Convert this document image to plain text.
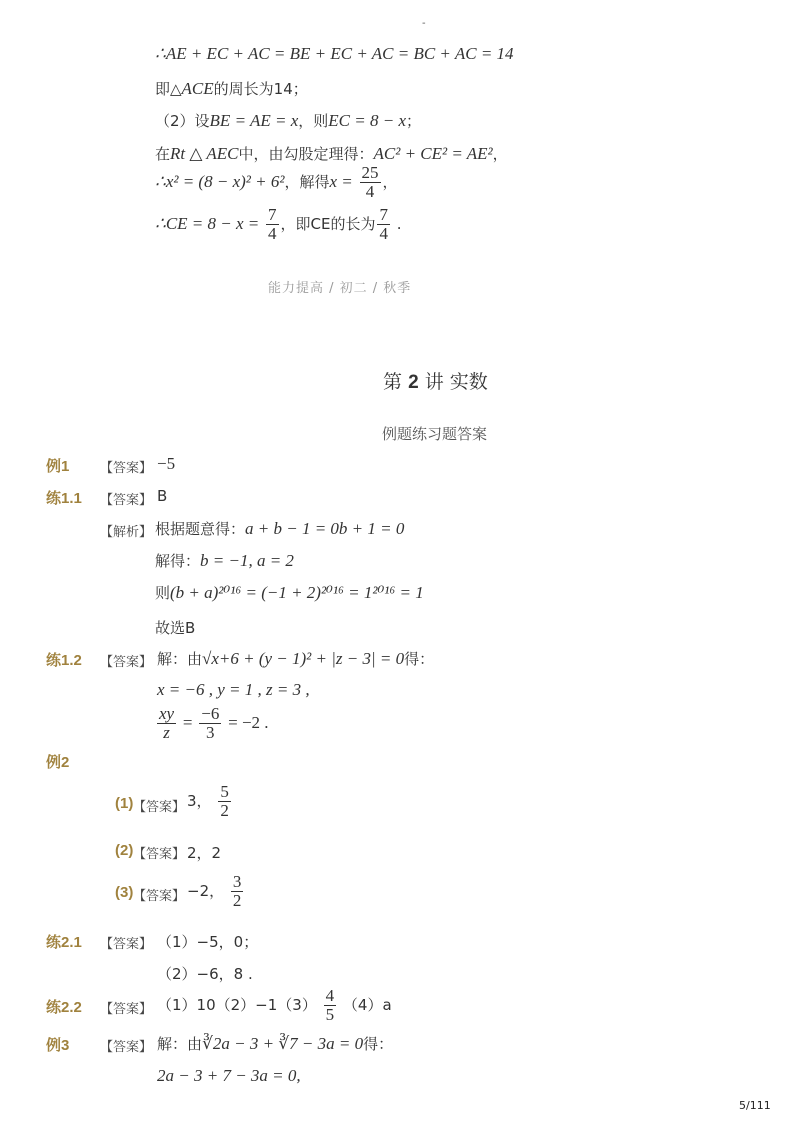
-
∴AE + EC + AC = BE + EC + AC = BC + AC = 14
即△ACE的周长为14；
（2）设BE = AE = x，则EC = 8 − x；
在Rt △ AEC中，由勾股定理得：AC² + CE² = AE²，
∴x² = (8 − x)² + 6²，解得$x = \frac{25}{4}$ ，
∴CE = $8 - x = \frac{7}{4}$ ，即CE的长为 $\frac{7}{4}$ .
能力提高 / 初二 / 秋季
第 2 讲 实数
例题练习题答案
例1 【答案】 −5
练1.1 【答案】 B
【解析】 根据题意得：a + b − 1 = 0b + 1 = 0
解得：b = −1, a = 2
则(b + a)²⁰¹⁶ = (−1 + 2)²⁰¹⁶ = 1²⁰¹⁶ = 1
故选B
练1.2 【答案】 解：由√x+6 + (y − 1)² + |z − 3| = 0得：
x = −6 , y = 1 , z = 3 ,
$\frac{xy}{z} = \frac{-6}{3} = -2$ .
例2
(1) 【答案】 3， $\frac{5}{2}$
(2) 【答案】 2，2
(3) 【答案】 −2， $\frac{3}{2}$
练2.1 【答案】 （1）−5，0；
（2）−6，8 .
练2.2 【答案】 $(1)10(2)-1(3) \frac{4}{5} (4)a$
例3 【答案】 解：由∛2a − 3 + ∛7 − 3a = 0得：
2a − 3 + 7 − 3a = 0,
5/111
